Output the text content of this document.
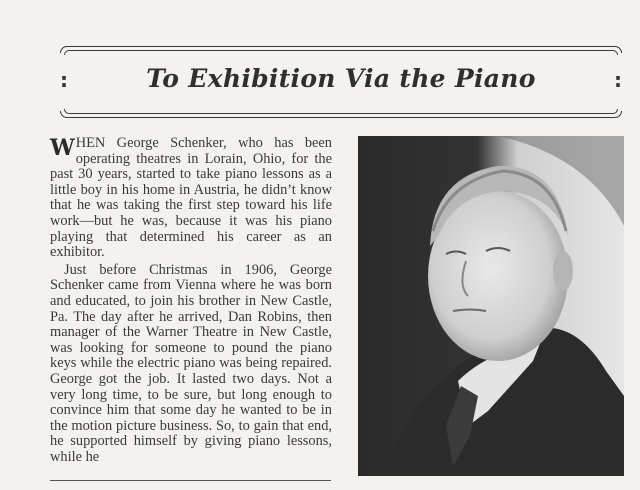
:	To Exhibition Via the Piano	:

WHEN George Schenker, who has been operating theatres in Lorain, Ohio, for the past 30 years, started to take piano lessons as a little boy in his home in Austria, he didn’t know that he was taking the first step toward his life work—but he was, because it was his piano playing that determined his career as an exhibitor.

Just before Christmas in 1906, George Schenker came from Vienna where he was born and educated, to join his brother in New Castle, Pa. The day after he arrived, Dan Robins, then manager of the Warner Theatre in New Castle, was looking for someone to pound the piano keys while the electric piano was being repaired. George got the job. It lasted two days. Not a very long time, to be sure, but long enough to convince him that some day he wanted to be in the motion picture business. So, to gain that end, he supported himself by giving piano lessons, while he
